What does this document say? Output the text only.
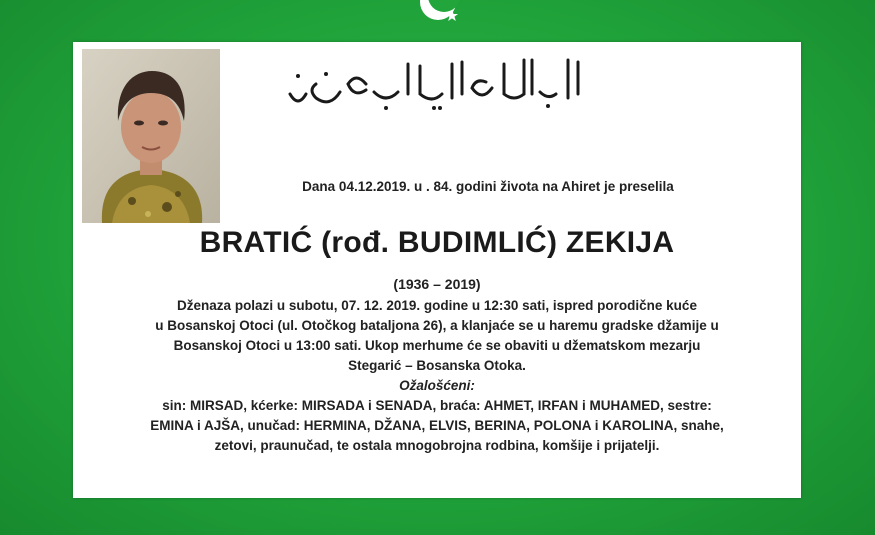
إنا لله وإنا إليه راجعون
Dana 04.12.2019. u . 84. godini života na Ahiret je preselila
BRATIĆ (rođ. BUDIMLIĆ) ZEKIJA
(1936 – 2019)

Dženaza polazi u subotu, 07. 12. 2019. godine u 12:30 sati, ispred porodične kuće

u Bosanskoj Otoci (ul. Otočkog bataljona 26), a klanjaće se u haremu gradske džamije u

Bosanskoj Otoci u 13:00 sati. Ukop merhume će se obaviti u džematskom mezarju

Stegarić – Bosanska Otoka.

Ožalošćeni:

sin: MIRSAD, kćerke: MIRSADA i SENADA, braća: AHMET, IRFAN i MUHAMED, sestre:

EMINA i AJŠA, unučad: HERMINA, DŽANA, ELVIS, BERINA, POLONA i KAROLINA, snahe,

zetovi, praunučad, te ostala mnogobrojna rodbina, komšije i prijatelji.
